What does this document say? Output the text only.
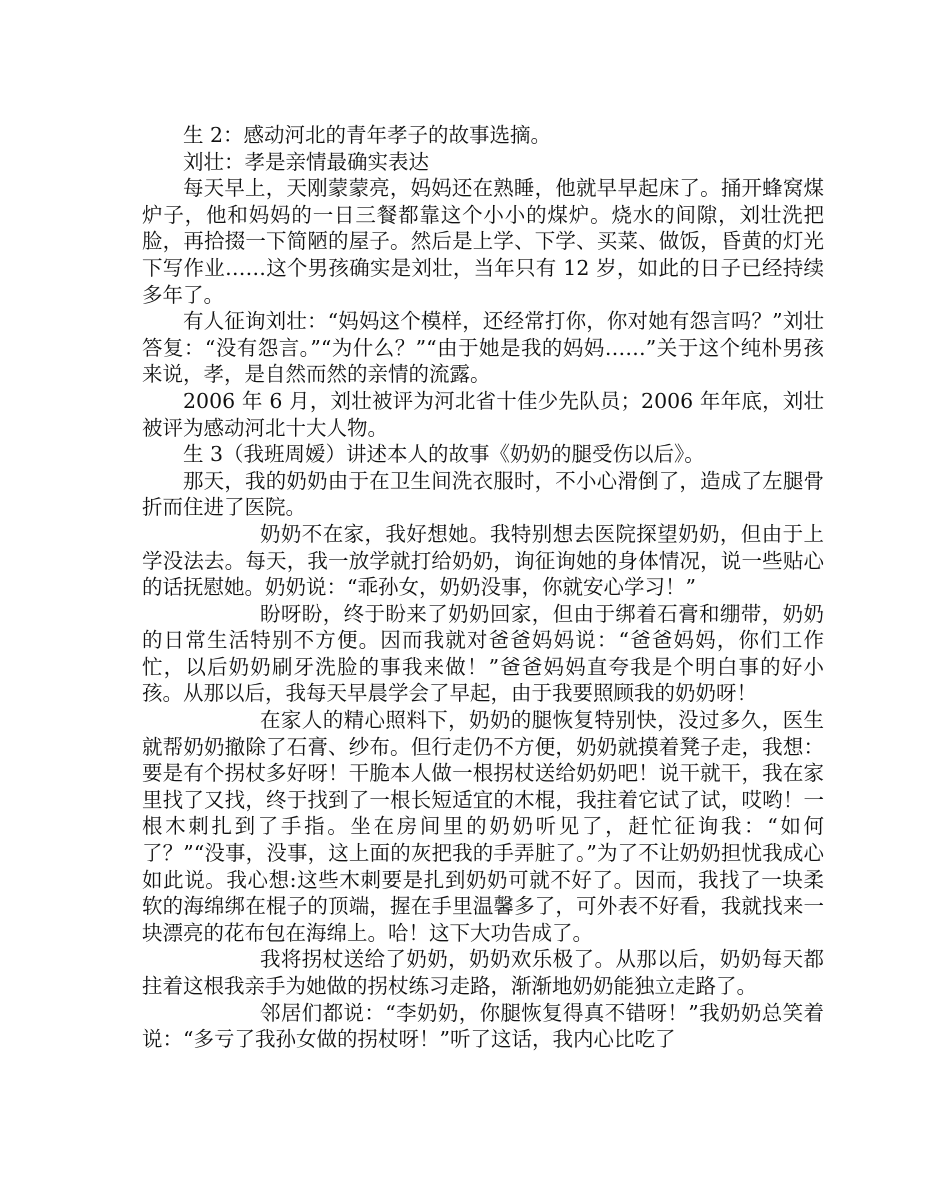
生 2：感动河北的青年孝子的故事选摘。

刘壮：孝是亲情最确实表达

每天早上，天刚蒙蒙亮，妈妈还在熟睡，他就早早起床了。捅开蜂窝煤炉子，他和妈妈的一日三餐都靠这个小小的煤炉。烧水的间隙，刘壮洗把脸，再拾掇一下简陋的屋子。然后是上学、下学、买菜、做饭，昏黄的灯光下写作业……这个男孩确实是刘壮，当年只有 12 岁，如此的日子已经持续多年了。

有人征询刘壮：“妈妈这个模样，还经常打你，你对她有怨言吗？”刘壮答复：“没有怨言。”“为什么？”“由于她是我的妈妈……”关于这个纯朴男孩来说，孝，是自然而然的亲情的流露。

2006 年 6 月，刘壮被评为河北省十佳少先队员；2006 年年底，刘壮被评为感动河北十大人物。

生 3（我班周嫒）讲述本人的故事《奶奶的腿受伤以后》。

那天，我的奶奶由于在卫生间洗衣服时，不小心滑倒了，造成了左腿骨折而住进了医院。

奶奶不在家，我好想她。我特别想去医院探望奶奶，但由于上学没法去。每天，我一放学就打给奶奶，询征询她的身体情况，说一些贴心的话抚慰她。奶奶说：“乖孙女，奶奶没事，你就安心学习！”

盼呀盼，终于盼来了奶奶回家，但由于绑着石膏和绷带，奶奶的日常生活特别不方便。因而我就对爸爸妈妈说：“爸爸妈妈，你们工作忙，以后奶奶刷牙洗脸的事我来做！”爸爸妈妈直夸我是个明白事的好小孩。从那以后，我每天早晨学会了早起，由于我要照顾我的奶奶呀！

在家人的精心照料下，奶奶的腿恢复特别快，没过多久，医生就帮奶奶撤除了石膏、纱布。但行走仍不方便，奶奶就摸着凳子走，我想：要是有个拐杖多好呀！干脆本人做一根拐杖送给奶奶吧！说干就干，我在家里找了又找，终于找到了一根长短适宜的木棍，我拄着它试了试，哎哟！一根木刺扎到了手指。坐在房间里的奶奶听见了，赶忙征询我：“如何了？”“没事，没事，这上面的灰把我的手弄脏了。”为了不让奶奶担忧我成心如此说。我心想:这些木刺要是扎到奶奶可就不好了。因而，我找了一块柔软的海绵绑在棍子的顶端，握在手里温馨多了，可外表不好看，我就找来一块漂亮的花布包在海绵上。哈！这下大功告成了。

我将拐杖送给了奶奶，奶奶欢乐极了。从那以后，奶奶每天都拄着这根我亲手为她做的拐杖练习走路，渐渐地奶奶能独立走路了。

邻居们都说：“李奶奶，你腿恢复得真不错呀！”我奶奶总笑着说：“多亏了我孙女做的拐杖呀！”听了这话，我内心比吃了
